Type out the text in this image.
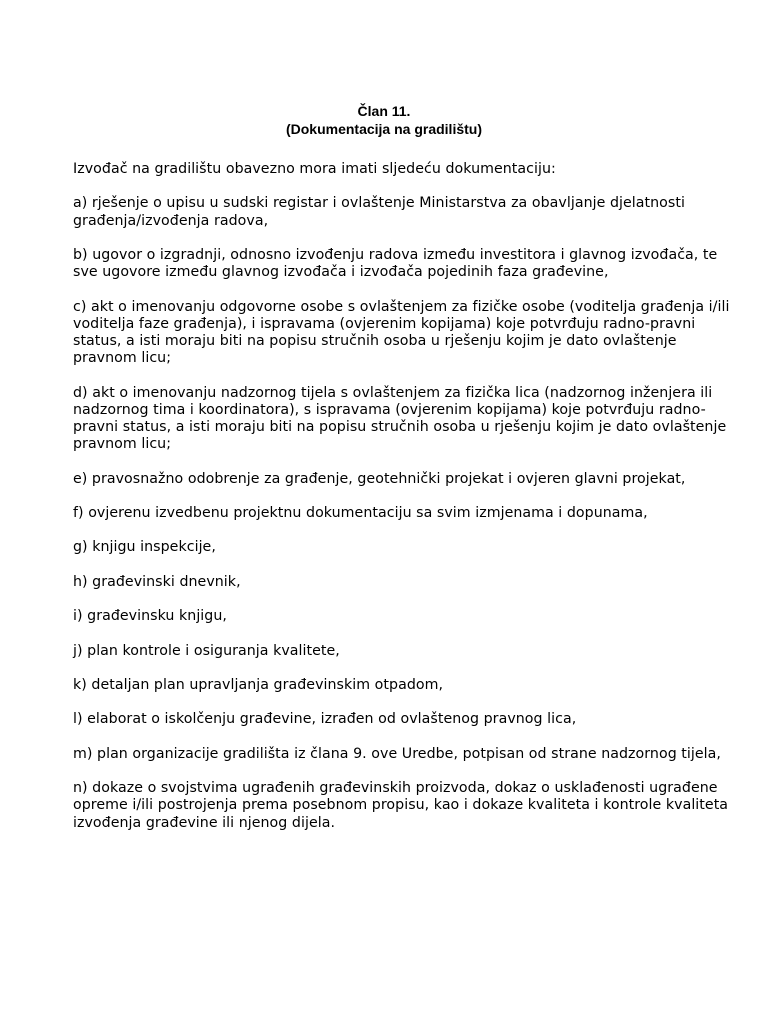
Član 11.
(Dokumentacija na gradilištu)

Izvođač na gradilištu obavezno mora imati sljedeću dokumentaciju:

a) rješenje o upisu u sudski registar i ovlaštenje Ministarstva za obavljanje djelatnosti građenja/izvođenja radova,

b) ugovor o izgradnji, odnosno izvođenju radova između investitora i glavnog izvođača, te sve ugovore između glavnog izvođača i izvođača pojedinih faza građevine,

c) akt o imenovanju odgovorne osobe s ovlaštenjem za fizičke osobe (voditelja građenja i/ili voditelja faze građenja), i ispravama (ovjerenim kopijama) koje potvrđuju radno-pravni status, a isti moraju biti na popisu stručnih osoba u rješenju kojim je dato ovlaštenje pravnom licu;

d) akt o imenovanju nadzornog tijela s ovlaštenjem za fizička lica (nadzornog inženjera ili nadzornog tima i koordinatora), s ispravama (ovjerenim kopijama) koje potvrđuju radno-pravni status, a isti moraju biti na popisu stručnih osoba u rješenju kojim je dato ovlaštenje pravnom licu;

e) pravosnažno odobrenje za građenje, geotehnički projekat i ovjeren glavni projekat,

f) ovjerenu izvedbenu projektnu dokumentaciju sa svim izmjenama i dopunama,

g) knjigu inspekcije,

h) građevinski dnevnik,

i) građevinsku knjigu,

j) plan kontrole i osiguranja kvalitete,

k) detaljan plan upravljanja građevinskim otpadom,

l) elaborat o iskolčenju građevine, izrađen od ovlaštenog pravnog lica,

m) plan organizacije gradilišta iz člana 9. ove Uredbe, potpisan od strane nadzornog tijela,

n) dokaze o svojstvima ugrađenih građevinskih proizvoda, dokaz o usklađenosti ugrađene opreme i/ili postrojenja prema posebnom propisu, kao i dokaze kvaliteta i kontrole kvaliteta izvođenja građevine ili njenog dijela.
